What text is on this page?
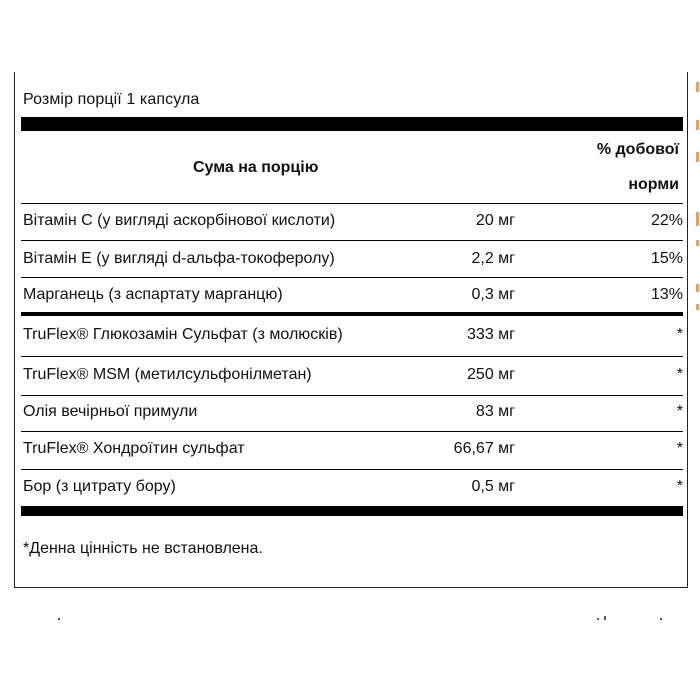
Розмір порції 1 капсула
Сума на порцію
% добової
норми
Вітамін С (у вигляді аскорбінової кислоти)	20 мг	22%
Вітамін E (у вигляді d-альфа-токоферолу)	2,2 мг	15%
Марганець (з аспартату марганцю)	0,3 мг	13%
TruFlex® Глюкозамін Сульфат (з молюсків)	333 мг	*
TruFlex® MSM (метилсульфонілметан)	250 мг	*
Олія вечірньої примули	83 мг	*
TruFlex® Хондроїтин сульфат	66,67 мг	*
Бор (з цитрату бору)	0,5 мг	*
*Денна цінність не встановлена.
